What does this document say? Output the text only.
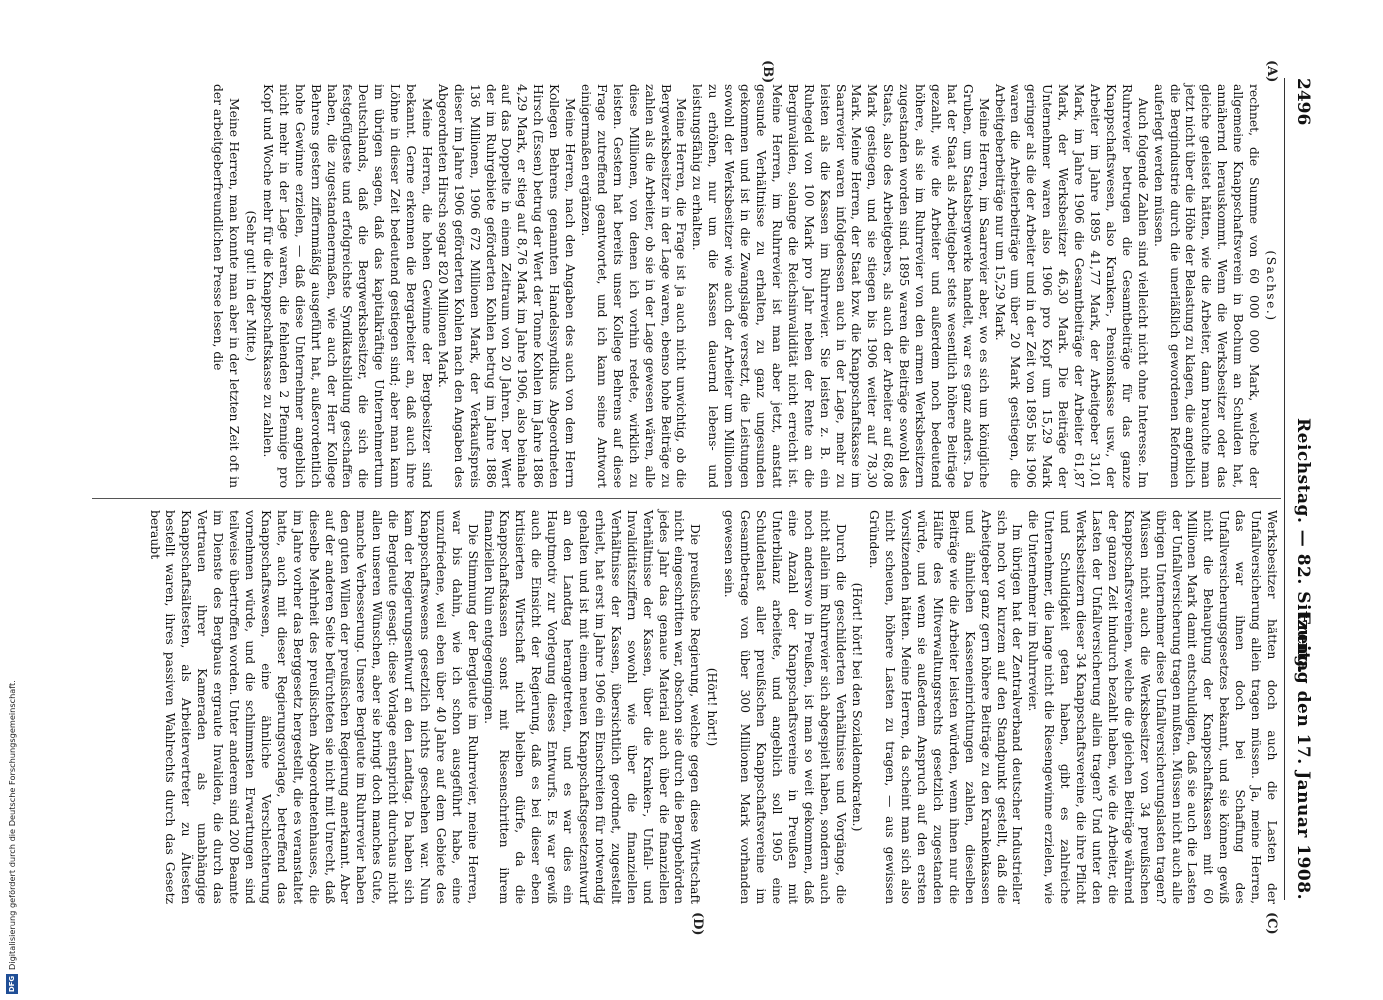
2496
Reichstag. — 82. Sitzung.
Freitag den 17. Januar 1908.
(A)
(B)
(C)
(D)

(Sachse.)

rechnet, die Summe von 60 000 000 Mark, welche der allgemeine Knappschaftsverein in Bochum an Schulden hat, annähernd herauskommt. Wenn die Werksbesitzer oder das gleiche geleistet hätten, wie die Arbeiter, dann brauchte man jetzt nicht über die Höhe der Belastung zu klagen, die angeblich die Bergindustrie durch die unerläßlich gewordenen Reformen auferlegt werden müssen.

Auch folgende Zahlen sind vielleicht nicht ohne Interesse. Im Ruhrrevier betrugen die Gesamtbeiträge für das ganze Knappschaftswesen, also Kranken-, Pensionskasse usw., der Arbeiter im Jahre 1895 41,77 Mark, der Arbeitgeber 31,01 Mark, im Jahre 1906 die Gesamtbeiträge der Arbeiter 61,87 Mark, der Werksbesitzer 46,30 Mark. Die Beiträge der Unternehmer waren also 1906 pro Kopf um 15,29 Mark geringer als die der Arbeiter und in der Zeit von 1895 bis 1906 waren die Arbeiterbeiträge um über 20 Mark gestiegen, die Arbeitgeberbeiträge nur um 15,29 Mark.

Meine Herren, im Saarrevier aber, wo es sich um königliche Gruben, um Staatsbergwerke handelt, war es ganz anders. Da hat der Staat als Arbeitgeber stets wesentlich höhere Beiträge gezahlt, wie die Arbeiter und außerdem noch bedeutend höhere, als sie im Ruhrrevier von den armen Werksbesitzern zugestanden worden sind. 1895 waren die Beiträge sowohl des Staats, also des Arbeitgebers, als auch der Arbeiter auf 68,08 Mark gestiegen, und sie stiegen bis 1906 weiter auf 78,30 Mark. Meine Herren, der Staat bzw. die Knappschaftskasse im Saarrevier waren infolgedessen auch in der Lage, mehr zu leisten als die Kassen im Ruhrrevier. Sie leisten z. B. ein Ruhegeld von 100 Mark pro Jahr neben der Rente an die Berginvaliden, solange die Reichsinvalidität nicht erreicht ist. Meine Herren, im Ruhrrevier ist man aber jetzt, anstatt gesunde Verhältnisse zu erhalten, zu ganz ungesunden gekommen und ist in die Zwangslage versetzt, die Leistungen sowohl der Werksbesitzer wie auch der Arbeiter um Millionen zu erhöhen, nur um die Kassen dauernd lebens- und leistungsfähig zu erhalten.

Meine Herren, die Frage ist ja auch nicht unwichtig, ob die Bergwerksbesitzer in der Lage waren, ebenso hohe Beiträge zu zahlen als die Arbeiter, ob sie in der Lage gewesen wären, alle diese Millionen, von denen ich vorhin redete, wirklich zu leisten. Gestern hat bereits unser Kollege Behrens auf diese Frage zutreffend geantwortet, und ich kann seine Antwort einigermaßen ergänzen.

Meine Herren, nach den Angaben des auch von dem Herrn Kollegen Behrens genannten Handelssyndikus Abgeordneten Hirsch (Essen) betrug der Wert der Tonne Kohlen im Jahre 1886 4,29 Mark, er stieg auf 8,76 Mark im Jahre 1906, also beinahe auf das Doppelte in einem Zeitraum von 20 Jahren. Der Wert der im Ruhrgebiete geförderten Kohlen betrug im Jahre 1886 136 Millionen, 1906 672 Millionen Mark, der Verkaufspreis dieser im Jahre 1906 geförderten Kohlen nach den Angaben des Abgeordneten Hirsch sogar 820 Millionen Mark.

Meine Herren, die hohen Gewinne der Bergbesitzer sind bekannt. Gerne erkennen die Bergarbeiter an, daß auch ihre Löhne in dieser Zeit bedeutend gestiegen sind; aber man kann im übrigen sagen, daß das kapitalkräftige Unternehmertum Deutschlands, daß die Bergwerksbesitzer, die sich die festgefügteste und erfolgreichste Syndikatsbildung geschaffen haben, die zugestandenermaßen, wie auch der Herr Kollege Behrens gestern ziffernmäßig ausgeführt hat, außerordentlich hohe Gewinne erzielen, — daß diese Unternehmer angeblich nicht mehr in der Lage waren, die fehlenden 2 Pfennige pro Kopf und Woche mehr für die Knappschaftskasse zu zahlen.

(Sehr gut! in der Mitte.)

Meine Herren, man konnte man aber in der letzten Zeit oft in der arbeitgeberfreundlichen Presse lesen, die

Werksbesitzer hätten doch auch die Lasten der Unfallversicherung allein tragen müssen. Ja, meine Herren, das war ihnen doch bei Schaffung des Unfallversicherungsgesetzes bekannt, und sie können gewiß nicht die Behauptung der Knappschaftskassen mit 60 Millionen Mark damit entschuldigen, daß sie auch die Lasten der Unfallversicherung tragen mußten. Müssen nicht auch alle übrigen Unternehmer diese Unfallversicherungslasten tragen? Müssen nicht auch die Werksbesitzer von 34 preußischen Knappschaftsvereinen, welche die gleichen Beiträge während der ganzen Zeit hindurch bezahlt haben, wie die Arbeiter, die Lasten der Unfallversicherung allein tragen? Und unter den Werksbesitzern dieser 34 Knappschaftsvereine, die ihre Pflicht und Schuldigkeit getan haben, gibt es zahlreiche Unternehmer, die lange nicht die Riesengewinne erzielen, wie die Unternehmer im Ruhrrevier.

Im übrigen hat der Zentralverband deutscher Industrieller sich noch vor kurzem auf den Standpunkt gestellt, daß die Arbeitgeber ganz gern höhere Beiträge zu den Krankenkassen und ähnlichen Kasseneinrichtungen zahlen, dieselben Beiträge wie die Arbeiter leisten würden, wenn ihnen nur die Hälfte des Mitverwaltungsrechts gesetzlich zugestanden würde, und wenn sie außerdem Anspruch auf den ersten Vorsitzenden hätten. Meine Herren, da scheint man sich also nicht scheuen, höhere Lasten zu tragen, — aus gewissen Gründen.

(Hört! hört! bei den Sozialdemokraten.)

Durch die geschilderten Verhältnisse und Vorgänge, die nicht allein im Ruhrrevier sich abgespielt haben, sondern auch noch anderswo in Preußen, ist man so weit gekommen, daß eine Anzahl der Knappschaftsvereine in Preußen mit Unterbilanz arbeitete, und angeblich soll 1905 eine Schuldenlast aller preußischen Knappschaftsvereine im Gesamtbetrage von über 300 Millionen Mark vorhanden gewesen sein.

(Hört! hört!)

Die preußische Regierung, welche gegen diese Wirtschaft nicht eingeschritten war, obschon sie durch die Bergbehörden jedes Jahr das genaue Material auch über die finanziellen Verhältnisse der Kassen, über die Kranken-, Unfall- und Invaliditätsziffern sowohl wie über die finanziellen Verhältnisse der Kassen, übersichtlich geordnet, zugestellt erhielt, hat erst im Jahre 1906 ein Einschreiten für notwendig gehalten und ist mit einem neuen Knappschaftsgesetzentwurf an den Landtag herangetreten, und es war dies ein Hauptmotiv zur Vorlegung dieses Entwurfs. Es war gewiß auch die Einsicht der Regierung, daß es bei dieser eben kritisierten Wirtschaft nicht bleiben dürfe, da die Knappschaftskassen sonst mit Riesenschritten ihrem finanziellen Ruin entgegengingen.

Die Stimmung der Bergleute im Ruhrrevier, meine Herren, war bis dahin, wie ich schon ausgeführt habe, eine unzufriedene, weil eben über 40 Jahre auf dem Gebiete des Knappschaftswesens gesetzlich nichts geschehen war. Nun kam der Regierungsentwurf an den Landtag. Da haben sich die Bergleute gesagt: diese Vorlage entspricht durchaus nicht allen unseren Wünschen, aber sie bringt doch manches Gute, manche Verbesserung. Unsere Bergleute im Ruhrrevier haben den guten Willen der preußischen Regierung anerkannt. Aber auf der anderen Seite befürchteten sie nicht mit Unrecht, daß dieselbe Mehrheit des preußischen Abgeordnetenhauses, die im Jahre vorher das Berggesetz hergestellt, die es veranstaltet hatte, auch mit dieser Regierungsvorlage, betreffend das Knappschaftswesen, eine ähnliche Verschlechterung vornehmen würde, und die schlimmsten Erwartungen sind teilweise übertroffen worden. Unter anderem sind 200 Beamte im Dienste des Bergbaus ergraute Invaliden, die durch das Vertrauen ihrer Kameraden als unabhängige Knappschaftsältesten, als Arbeitervertreter zu Ältesten bestellt waren, ihres passiven Wahlrechts durch das Gesetz beraubt

Digitalisierung gefördert durch die Deutsche Forschungsgemeinschaft.
DFG
